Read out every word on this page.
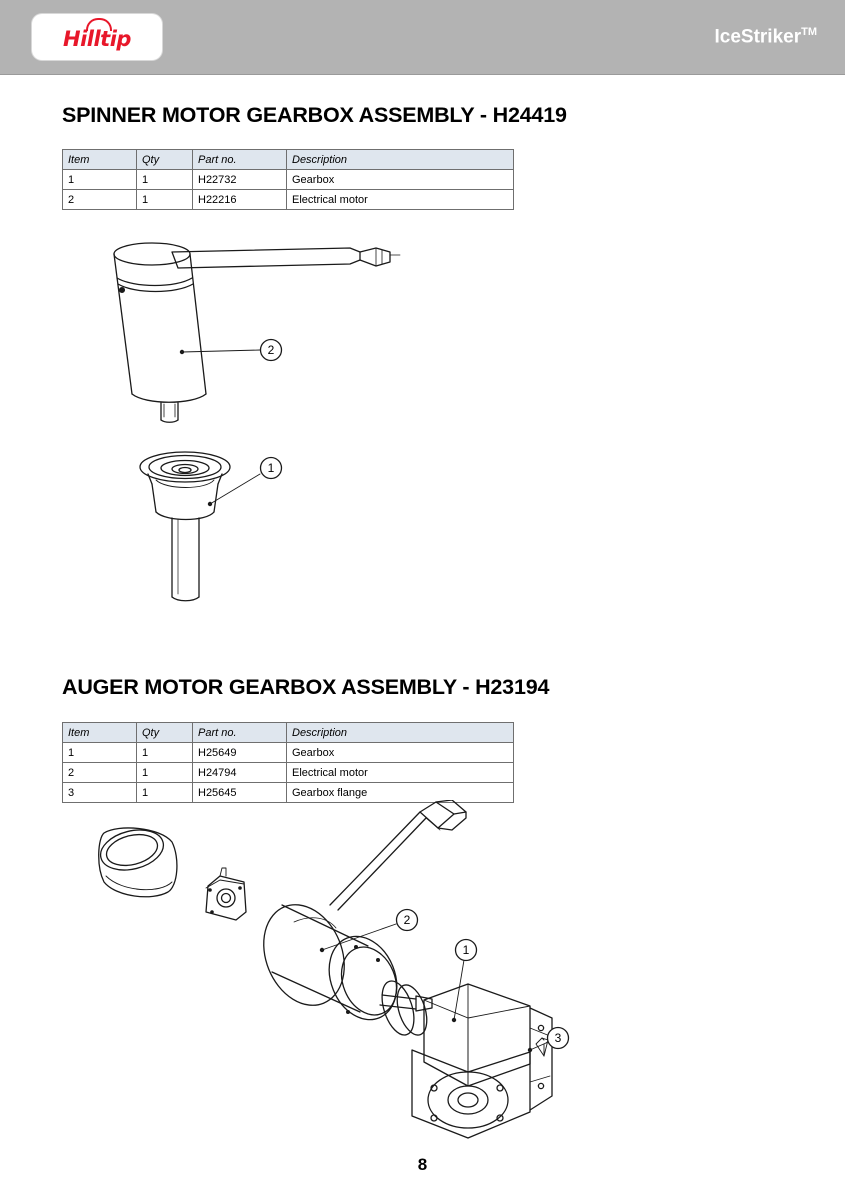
Hilltip	IceStriker™
SPINNER MOTOR GEARBOX ASSEMBLY - H24419
Item	Qty	Part no.	Description
1	1	H22732	Gearbox
2	1	H22216	Electrical motor
2
1
AUGER MOTOR GEARBOX ASSEMBLY - H23194
Item	Qty	Part no.	Description
1	1	H25649	Gearbox
2	1	H24794	Electrical motor
3	1	H25645	Gearbox flange
2
1
3
8
